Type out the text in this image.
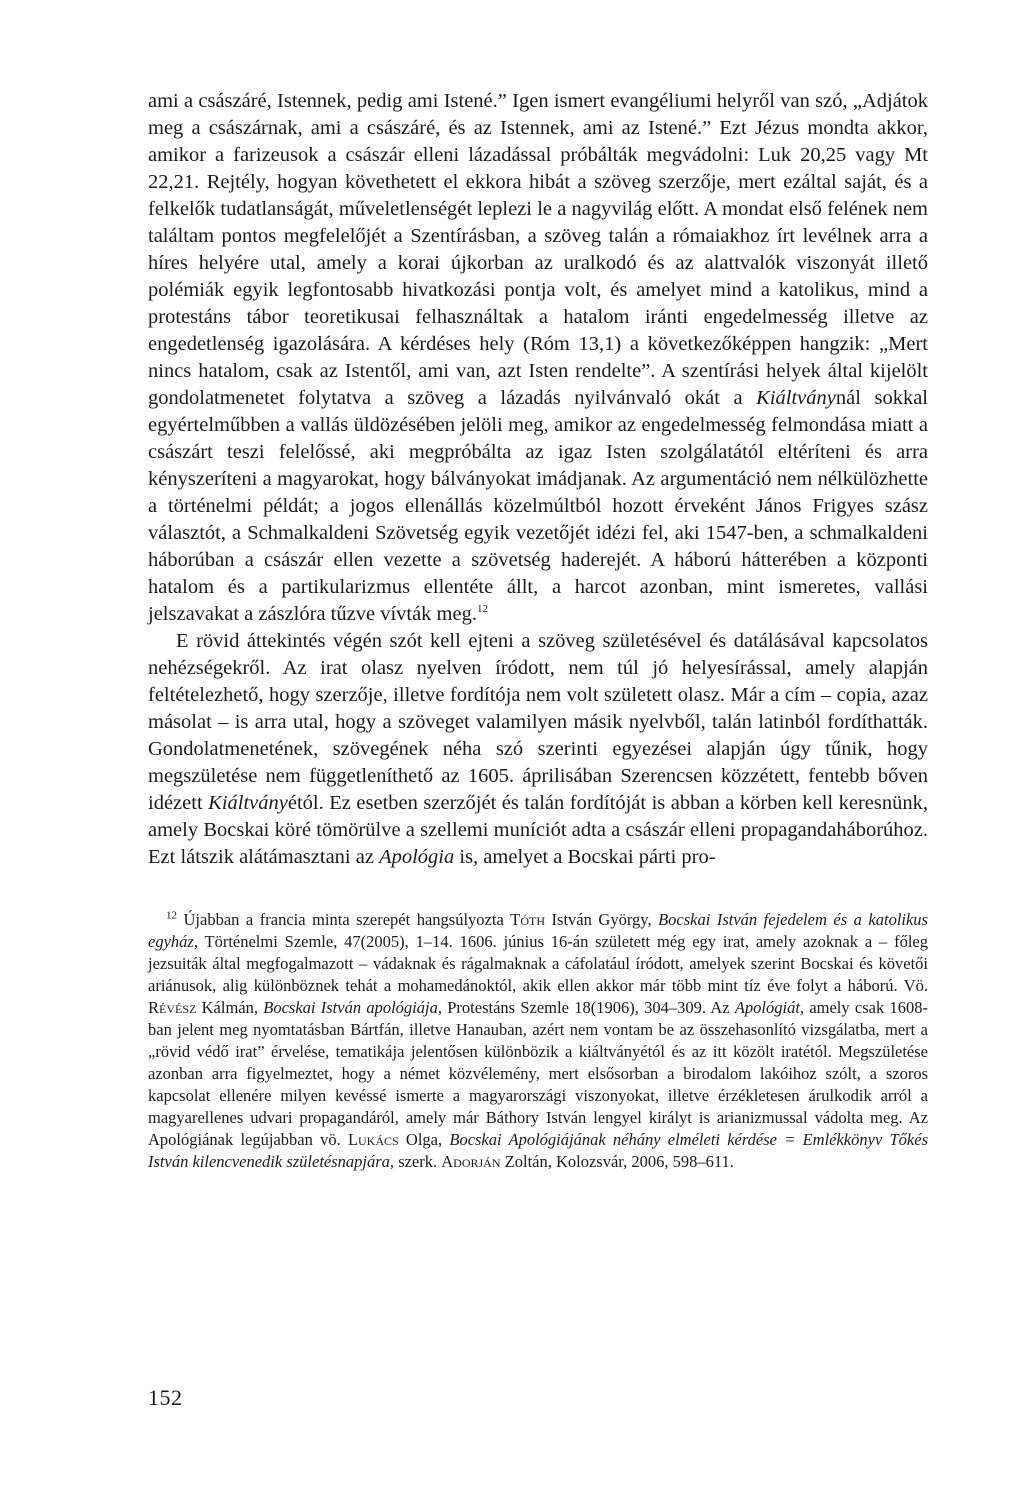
ami a császáré, Istennek, pedig ami Istené.” Igen ismert evangéliumi helyről van szó, „Adjátok meg a császárnak, ami a császáré, és az Istennek, ami az Istené.” Ezt Jézus mondta akkor, amikor a farizeusok a császár elleni lázadással próbálták megvádolni: Luk 20,25 vagy Mt 22,21. Rejtély, hogyan követhetett el ekkora hibát a szöveg szerzője, mert ezáltal saját, és a felkelők tudatlanságát, műveletlenségét leplezi le a nagyvilág előtt. A mondat első felének nem találtam pontos megfelelőjét a Szentírásban, a szöveg talán a rómaiakhoz írt levélnek arra a híres helyére utal, amely a korai újkorban az uralkodó és az alattvalók viszonyát illető polémiák egyik legfontosabb hivatkozási pontja volt, és amelyet mind a katolikus, mind a protestáns tábor teoretikusai felhasználtak a hatalom iránti engedelmesség illetve az engedetlenség igazolására. A kérdéses hely (Róm 13,1) a következőképpen hangzik: „Mert nincs hatalom, csak az Istentől, ami van, azt Isten rendelte”. A szentírási helyek által kijelölt gondolatmenetet folytatva a szöveg a lázadás nyilvánvaló okát a Kiáltványnál sokkal egyértelműbben a vallás üldözésében jelöli meg, amikor az engedelmesség felmondása miatt a császárt teszi felelőssé, aki megpróbálta az igaz Isten szolgálatától eltéríteni és arra kényszeríteni a magyarokat, hogy bálványokat imádjanak. Az argumentáció nem nélkülözhette a történelmi példát; a jogos ellenállás közelmúltból hozott érveként János Frigyes szász választót, a Schmalkaldeni Szövetség egyik vezetőjét idézi fel, aki 1547-ben, a schmalkaldeni háborúban a császár ellen vezette a szövetség haderejét. A háború hátterében a központi hatalom és a partikularizmus ellentéte állt, a harcot azonban, mint ismeretes, vallási jelszavakat a zászlóra tűzve vívták meg.$^{12}$

E rövid áttekintés végén szót kell ejteni a szöveg születésével és datálásával kapcsolatos nehézségekről. Az irat olasz nyelven íródott, nem túl jó helyesírással, amely alapján feltételezhető, hogy szerzője, illetve fordítója nem volt született olasz. Már a cím – copia, azaz másolat – is arra utal, hogy a szöveget valamilyen másik nyelvből, talán latinból fordíthatták. Gondolatmenetének, szövegének néha szó szerinti egyezései alapján úgy tűnik, hogy megszületése nem függetleníthető az 1605. áprilisában Szerencsen közzétett, fentebb bőven idézett Kiáltványétól. Ez esetben szerzőjét és talán fordítóját is abban a körben kell keresnünk, amely Bocskai köré tömörülve a szellemi muníciót adta a császár elleni propagandaháborúhoz. Ezt látszik alátámasztani az Apológia is, amelyet a Bocskai párti pro-

$^{12}$ Újabban a francia minta szerepét hangsúlyozta Tóth István György, Bocskai István fejedelem és a katolikus egyház, Történelmi Szemle, 47(2005), 1–14. 1606. június 16-án született még egy irat, amely azoknak a – főleg jezsuiták által megfogalmazott – vádaknak és rágalmaknak a cáfolatául íródott, amelyek szerint Bocskai és követői ariánusok, alig különböznek tehát a mohamedánoktól, akik ellen akkor már több mint tíz éve folyt a háború. Vö. Révész Kálmán, Bocskai István apológiája, Protestáns Szemle 18(1906), 304–309. Az Apológiát, amely csak 1608-ban jelent meg nyomtatásban Bártfán, illetve Hanauban, azért nem vontam be az összehasonlító vizsgálatba, mert a „rövid védő irat” érvelése, tematikája jelentősen különbözik a kiáltványétól és az itt közölt iratétól. Megszületése azonban arra figyelmeztet, hogy a német közvélemény, mert elsősorban a birodalom lakóihoz szólt, a szoros kapcsolat ellenére milyen kevéssé ismerte a magyarországi viszonyokat, illetve érzékletesen árulkodik arról a magyarellenes udvari propagandáról, amely már Báthory István lengyel királyt is arianizmussal vádolta meg. Az Apológiának legújabban vö. Lukács Olga, Bocskai Apológiájának néhány elméleti kérdése = Emlékkönyv Tőkés István kilencvenedik születésnapjára, szerk. Adorján Zoltán, Kolozsvár, 2006, 598–611.

152
